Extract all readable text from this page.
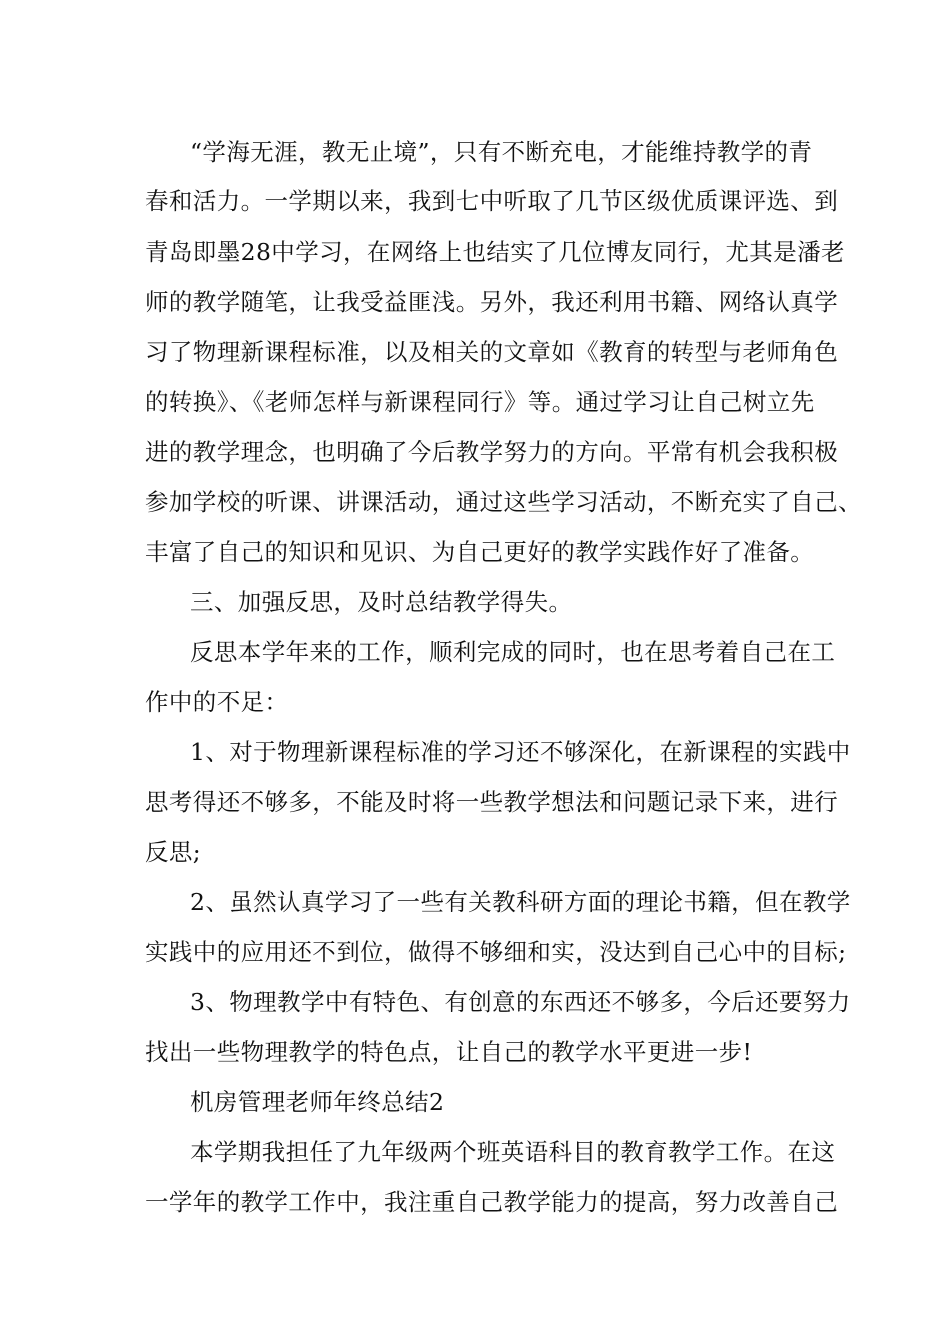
“学海无涯，教无止境”，只有不断充电，才能维持教学的青

春和活力。一学期以来，我到七中听取了几节区级优质课评选、到

青岛即墨28中学习，在网络上也结实了几位博友同行，尤其是潘老

师的教学随笔，让我受益匪浅。另外，我还利用书籍、网络认真学

习了物理新课程标准，以及相关的文章如《教育的转型与老师角色

的转换》、《老师怎样与新课程同行》等。通过学习让自己树立先

进的教学理念，也明确了今后教学努力的方向。平常有机会我积极

参加学校的听课、讲课活动，通过这些学习活动，不断充实了自己、

丰富了自己的知识和见识、为自己更好的教学实践作好了准备。

三、加强反思，及时总结教学得失。

反思本学年来的工作，顺利完成的同时，也在思考着自己在工

作中的不足：

1、对于物理新课程标准的学习还不够深化，在新课程的实践中

思考得还不够多，不能及时将一些教学想法和问题记录下来，进行

反思;

2、虽然认真学习了一些有关教科研方面的理论书籍，但在教学

实践中的应用还不到位，做得不够细和实，没达到自己心中的目标;

3、物理教学中有特色、有创意的东西还不够多，今后还要努力

找出一些物理教学的特色点，让自己的教学水平更进一步!

机房管理老师年终总结2

本学期我担任了九年级两个班英语科目的教育教学工作。在这

一学年的教学工作中，我注重自己教学能力的提高，努力改善自己
